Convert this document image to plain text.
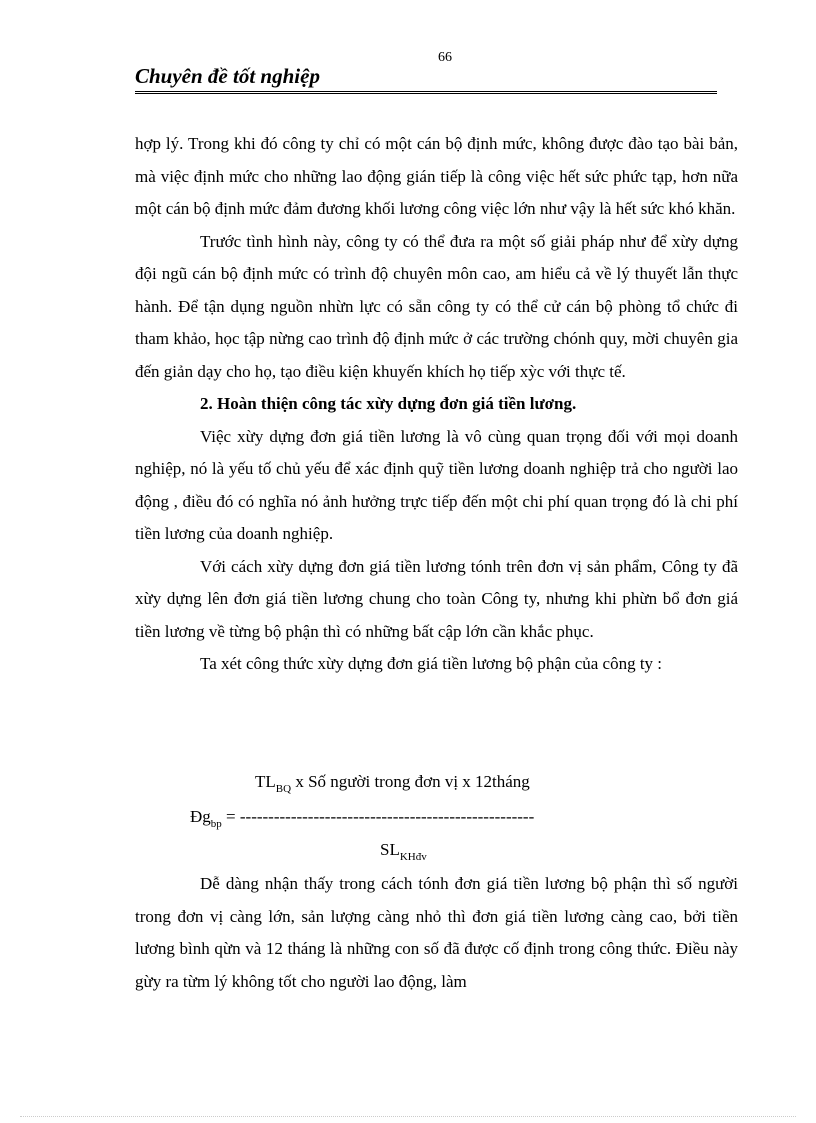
66
Chuyên đề tốt nghiệp

hợp lý. Trong khi đó công ty chỉ có một cán bộ định mức, không được đào tạo bài bản, mà việc định mức cho những lao động gián tiếp là công việc hết sức phức tạp, hơn nữa một cán bộ định mức đảm đương khối lương công việc lớn như vậy là hết sức khó khăn.

Trước tình hình này, công ty có thể đưa ra một số giải pháp như để xừy dựng đội ngũ cán bộ định mức có trình độ chuyên môn cao, am hiểu cả về lý thuyết lẫn thực hành. Để tận dụng nguồn nhừn lực có sẵn công ty có thể cử cán bộ phòng tổ chức đi tham khảo, học tập nừng cao trình độ định mức ở các trường chónh quy, mời chuyên gia đến giản dạy cho họ, tạo điều kiện khuyến khích họ tiếp xỳc với thực tế.

2. Hoàn thiện công tác xừy dựng đơn giá tiền lương.

Việc xừy dựng đơn giá tiền lương là vô cùng quan trọng đối với mọi doanh nghiệp, nó là yếu tố chủ yếu để xác định quỹ tiền lương doanh nghiệp trả cho người lao động , điều đó có nghĩa nó ảnh hưởng trực tiếp đến một chi phí quan trọng đó là chi phí tiền lương của doanh nghiệp.

Với cách xừy dựng đơn giá tiền lương tónh trên đơn vị sản phẩm, Công ty đã xừy dựng lên đơn giá tiền lương chung cho toàn Công ty, nhưng khi phừn bổ đơn giá tiền lương về từng bộ phận thì có những bất cập lớn cần khắc phục.

Ta xét công thức xừy dựng đơn giá tiền lương bộ phận của công ty :

$TL_{BQ}$ x Số người trong đơn vị x 12tháng
$Đg_{bp}$ = ----------------------------------------------------
$SL_{KHđv}$

Dễ dàng nhận thấy trong cách tónh đơn giá tiền lương bộ phận thì số người trong đơn vị càng lớn, sản lượng càng nhỏ thì đơn giá tiền lương càng cao, bởi tiền lương bình qừn và 12 tháng là những con số đã được cố định trong công thức. Điều này gừy ra từm lý không tốt cho người lao động, làm
